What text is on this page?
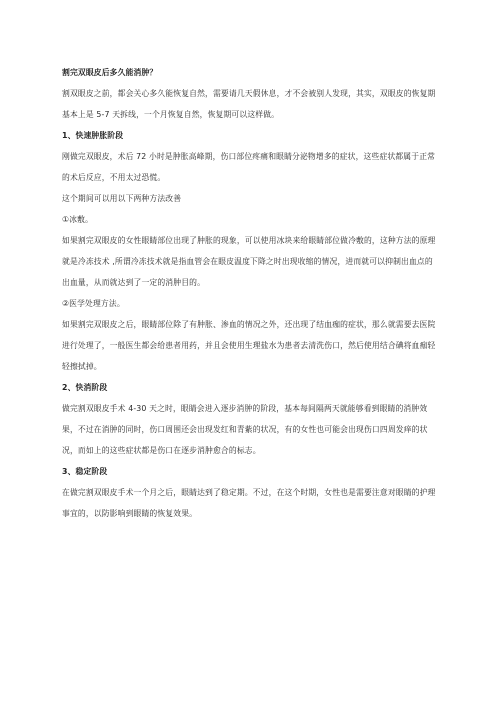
割完双眼皮后多久能消肿？

割双眼皮之前，都会关心多久能恢复自然，需要请几天假休息，才不会被别人发现，其实，双眼皮的恢复期基本上是 5-7 天拆线，一个月恢复自然，恢复期可以这样做。

1、快速肿胀阶段

刚做完双眼皮，术后 72 小时是肿胀高峰期，伤口部位疼痛和眼睛分泌物增多的症状，这些症状都属于正常的术后反应，不用太过恐慌。

这个期间可以用以下两种方法改善

①冰敷。

如果割完双眼皮的女性眼睛部位出现了肿胀的现象，可以使用冰块来给眼睛部位做冷敷的，这种方法的原理就是冷冻技术 ,所谓冷冻技术就是指血管会在眼皮温度下降之时出现收缩的情况，进而就可以抑制出血点的出血量，从而就达到了一定的消肿目的。

②医学处理方法。

如果割完双眼皮之后，眼睛部位除了有肿胀、渗血的情况之外，还出现了结血痂的症状，那么就需要去医院进行处理了，一般医生都会给患者用药，并且会使用生理盐水为患者去清洗伤口，然后使用结合碘将血痂轻轻擦拭掉。

2、快消阶段

做完割双眼皮手术 4-30 天之时，眼睛会进入逐步消肿的阶段，基本每间隔两天就能够看到眼睛的消肿效果，不过在消肿的同时，伤口周围还会出现发红和青紫的状况，有的女性也可能会出现伤口四周发痒的状况，而如上的这些症状都是伤口在逐步消肿愈合的标志。

3、稳定阶段

在做完割双眼皮手术一个月之后，眼睛达到了稳定期。不过，在这个时期，女性也是需要注意对眼睛的护理事宜的，以防影响到眼睛的恢复效果。
